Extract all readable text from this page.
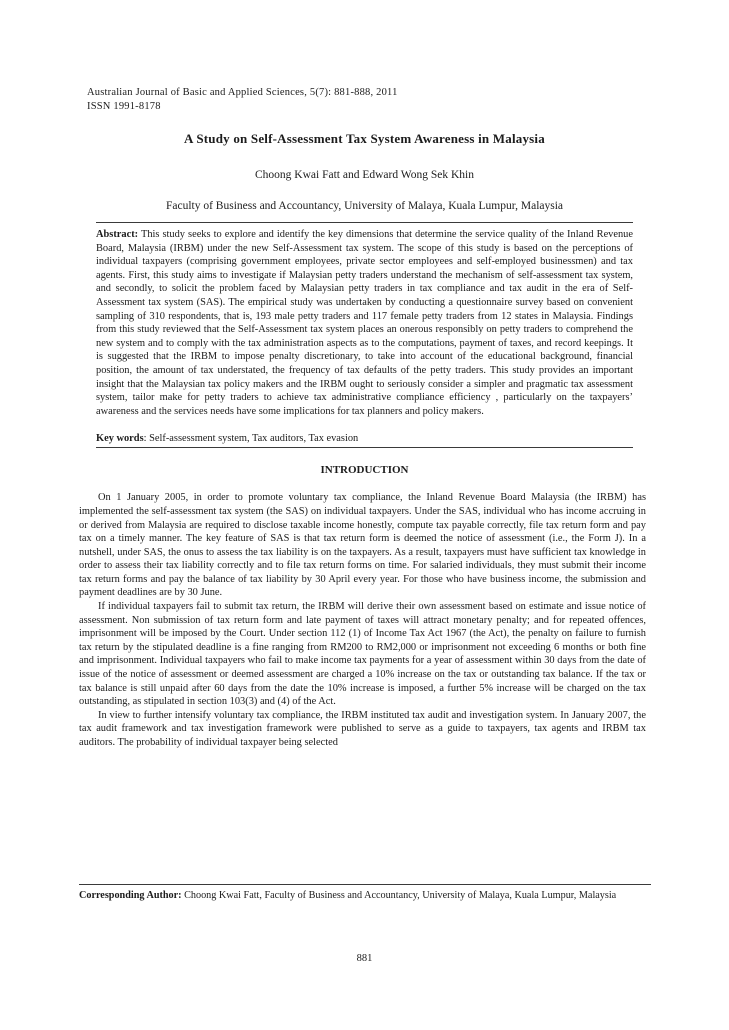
Australian Journal of Basic and Applied Sciences, 5(7): 881-888, 2011
ISSN 1991-8178
A Study on Self-Assessment Tax System Awareness in Malaysia
Choong Kwai Fatt and Edward Wong Sek Khin
Faculty of Business and Accountancy, University of Malaya, Kuala Lumpur, Malaysia

Abstract: This study seeks to explore and identify the key dimensions that determine the service quality of the Inland Revenue Board, Malaysia (IRBM) under the new Self-Assessment tax system. The scope of this study is based on the perceptions of individual taxpayers (comprising government employees, private sector employees and self-employed businessmen) and tax agents. First, this study aims to investigate if Malaysian petty traders understand the mechanism of self-assessment tax system, and secondly, to solicit the problem faced by Malaysian petty traders in tax compliance and tax audit in the era of Self-Assessment tax system (SAS). The empirical study was undertaken by conducting a questionnaire survey based on convenient sampling of 310 respondents, that is, 193 male petty traders and 117 female petty traders from 12 states in Malaysia. Findings from this study reviewed that the Self-Assessment tax system places an onerous responsibly on petty traders to comprehend the new system and to comply with the tax administration aspects as to the computations, payment of taxes, and record keepings. It is suggested that the IRBM to impose penalty discretionary, to take into account of the educational background, financial position, the amount of tax understated, the frequency of tax defaults of the petty traders. This study provides an important insight that the Malaysian tax policy makers and the IRBM ought to seriously consider a simpler and pragmatic tax assessment system, tailor make for petty traders to achieve tax administrative compliance efficiency , particularly on the taxpayers’ awareness and the services needs have some implications for tax planners and policy makers.

Key words: Self-assessment system, Tax auditors, Tax evasion
INTRODUCTION

On 1 January 2005, in order to promote voluntary tax compliance, the Inland Revenue Board Malaysia (the IRBM) has implemented the self-assessment tax system (the SAS) on individual taxpayers. Under the SAS, individual who has income accruing in or derived from Malaysia are required to disclose taxable income honestly, compute tax payable correctly, file tax return form and pay tax on a timely manner. The key feature of SAS is that tax return form is deemed the notice of assessment (i.e., the Form J). In a nutshell, under SAS, the onus to assess the tax liability is on the taxpayers. As a result, taxpayers must have sufficient tax knowledge in order to assess their tax liability correctly and to file tax return forms on time. For salaried individuals, they must submit their income tax return forms and pay the balance of tax liability by 30 April every year. For those who have business income, the submission and payment deadlines are by 30 June.

If individual taxpayers fail to submit tax return, the IRBM will derive their own assessment based on estimate and issue notice of assessment. Non submission of tax return form and late payment of taxes will attract monetary penalty; and for repeated offences, imprisonment will be imposed by the Court. Under section 112 (1) of Income Tax Act 1967 (the Act), the penalty on failure to furnish tax return by the stipulated deadline is a fine ranging from RM200 to RM2,000 or imprisonment not exceeding 6 months or both fine and imprisonment. Individual taxpayers who fail to make income tax payments for a year of assessment within 30 days from the date of issue of the notice of assessment or deemed assessment are charged a 10% increase on the tax or outstanding tax balance. If the tax or tax balance is still unpaid after 60 days from the date the 10% increase is imposed, a further 5% increase will be charged on the tax outstanding, as stipulated in section 103(3) and (4) of the Act.

In view to further intensify voluntary tax compliance, the IRBM instituted tax audit and investigation system. In January 2007, the tax audit framework and tax investigation framework were published to serve as a guide to taxpayers, tax agents and IRBM tax auditors. The probability of individual taxpayer being selected

Corresponding Author: Choong Kwai Fatt, Faculty of Business and Accountancy, University of Malaya, Kuala Lumpur, Malaysia

881
